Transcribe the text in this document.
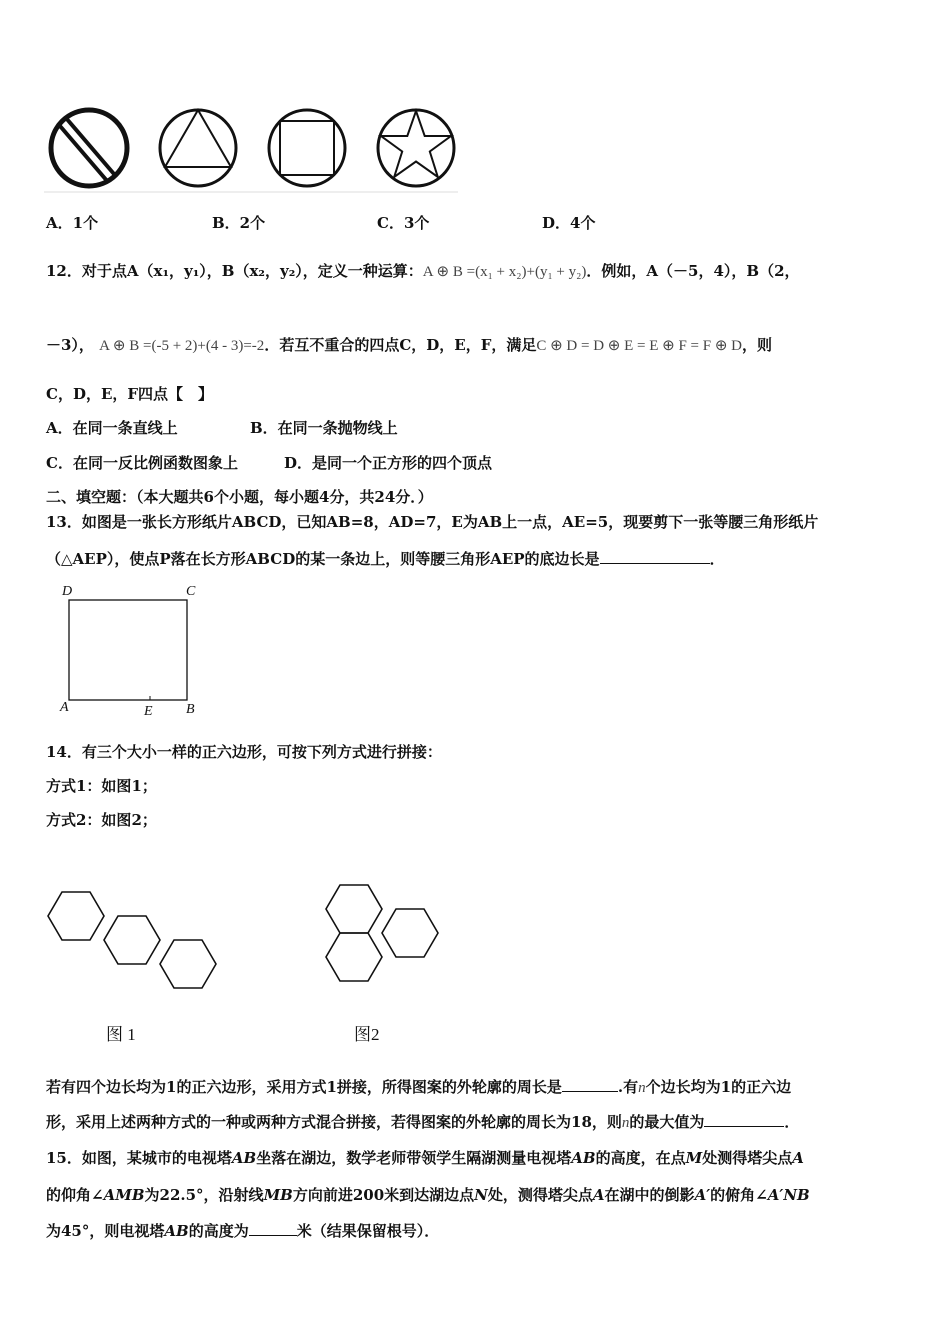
A．1个	B．2个	C．3个	D．4个
12．对于点A（x₁，y₁），B（x₂，y₂），定义一种运算：A ⊕ B =(x₁ + x₂)+(y₁ + y₂)．例如，A（－5，4），B（2，
－3）， A ⊕ B =(-5 + 2)+(4 - 3)=-2．若互不重合的四点C，D，E，F，满足C ⊕ D = D ⊕ E = E ⊕ F = F ⊕ D，则
C，D，E，F四点【　】
A．在同一条直线上	B．在同一条抛物线上
C．在同一反比例函数图象上	D．是同一个正方形的四个顶点
二、填空题：（本大题共6个小题，每小题4分，共24分．）
13．如图是一张长方形纸片ABCD，已知AB=8，AD=7，E为AB上一点，AE=5，现要剪下一张等腰三角形纸片
（△AEP），使点P落在长方形ABCD的某一条边上，则等腰三角形AEP的底边长是	．
D	C
A	E B
14．有三个大小一样的正六边形，可按下列方式进行拼接：
方式1：如图1；
方式2：如图2；
图 1	图2
若有四个边长均为1的正六边形，采用方式1拼接，所得图案的外轮廓的周长是	.有n个边长均为1的正六边
形，采用上述两种方式的一种或两种方式混合拼接，若得图案的外轮廓的周长为18，则n的最大值为	．
15．如图，某城市的电视塔AB坐落在湖边，数学老师带领学生隔湖测量电视塔AB的高度，在点M处测得塔尖点A
的仰角∠AMB为22.5°，沿射线MB方向前进200米到达湖边点N处，测得塔尖点A在湖中的倒影A′的俯角∠A′NB
为45°，则电视塔AB的高度为	米（结果保留根号）．
